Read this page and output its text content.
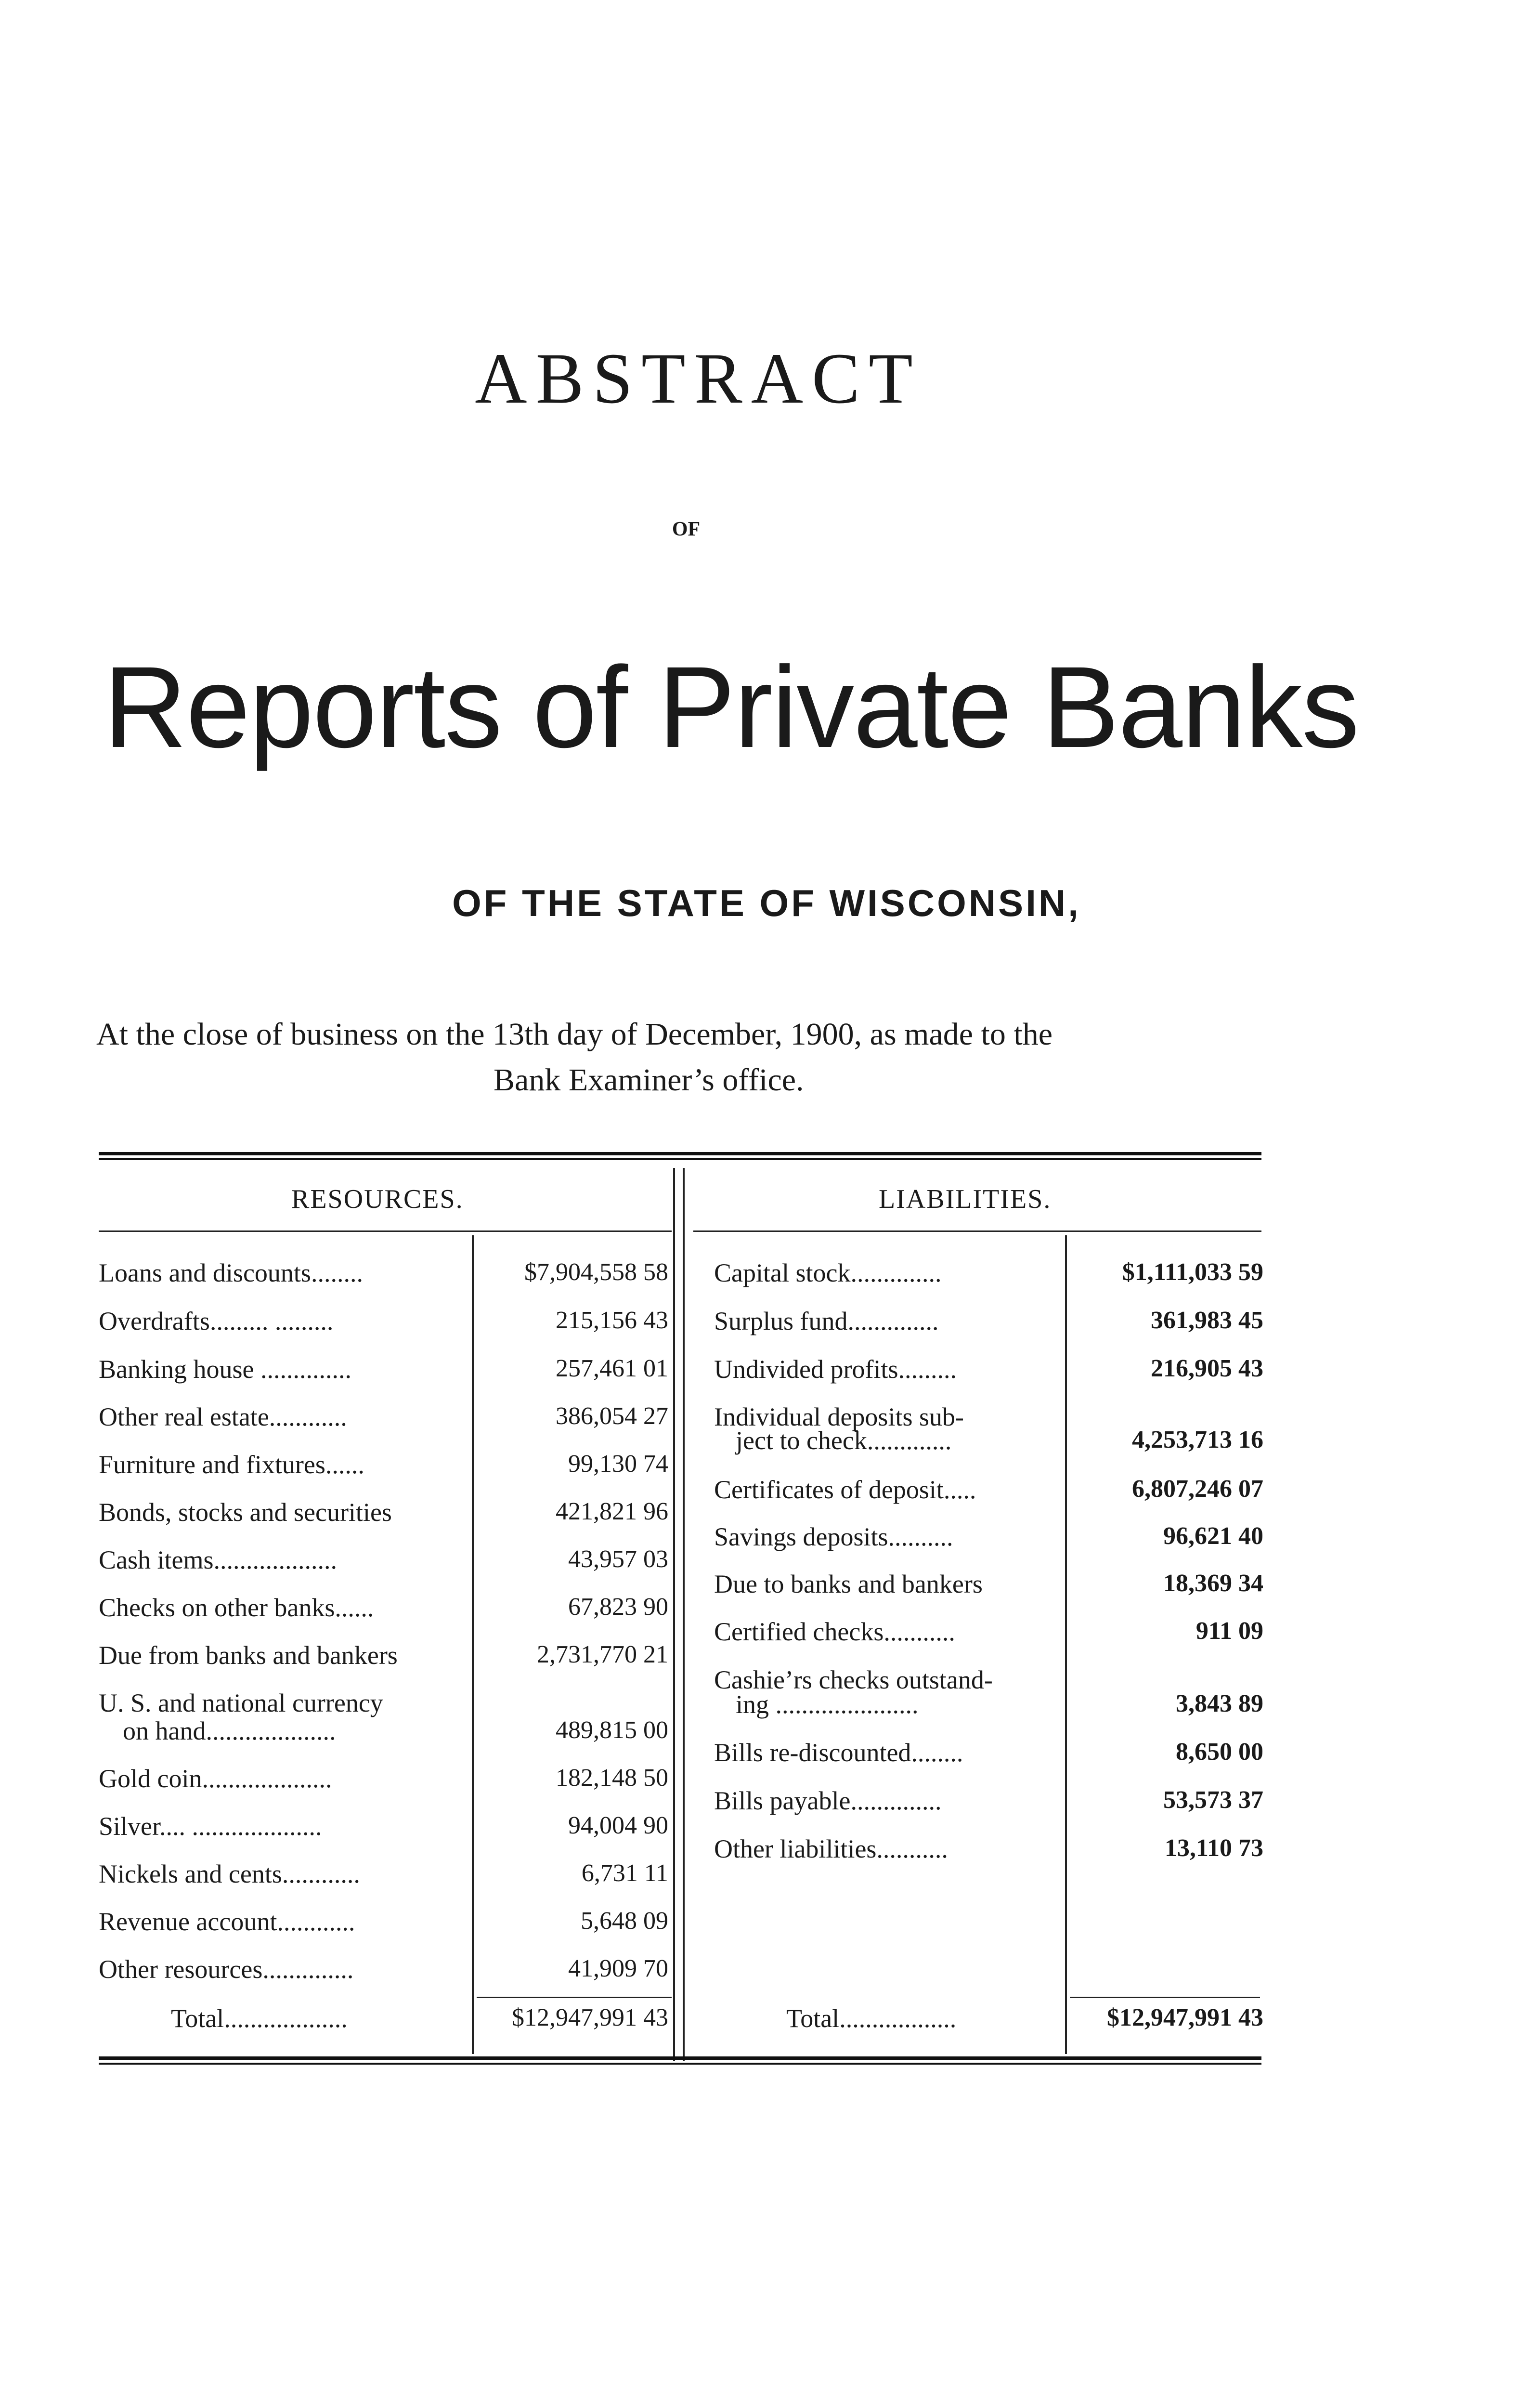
ABSTRACT
OF
Reports of Private Banks
OF THE STATE OF WISCONSIN,
At the close of business on the 13th day of December, 1900, as made to the
Bank Examiner’s office.
RESOURCES.	LIABILITIES.
Loans and discounts........	$7,904,558 58
Overdrafts......... .........	215,156 43
Banking house ..............	257,461 01
Other real estate............	386,054 27
Furniture and fixtures......	99,130 74
Bonds, stocks and securities	421,821 96
Cash items...................	43,957 03
Checks on other banks......	67,823 90
Due from banks and bankers	2,731,770 21
U. S. and national currency
on hand....................	489,815 00
Gold coin....................	182,148 50
Silver.... ....................	94,004 90
Nickels and cents............	6,731 11
Revenue account............	5,648 09
Other resources..............	41,909 70
Total...................	$12,947,991 43
Capital stock..............	$1,111,033 59
Surplus fund..............	361,983 45
Undivided profits.........	216,905 43
Individual deposits sub-
ject to check.............	4,253,713 16
Certificates of deposit.....	6,807,246 07
Savings deposits..........	96,621 40
Due to banks and bankers	18,369 34
Certified checks...........	911 09
Cashie’rs checks outstand-
ing ......................	3,843 89
Bills re-discounted........	8,650 00
Bills payable..............	53,573 37
Other liabilities...........	13,110 73
Total..................	$12,947,991 43
